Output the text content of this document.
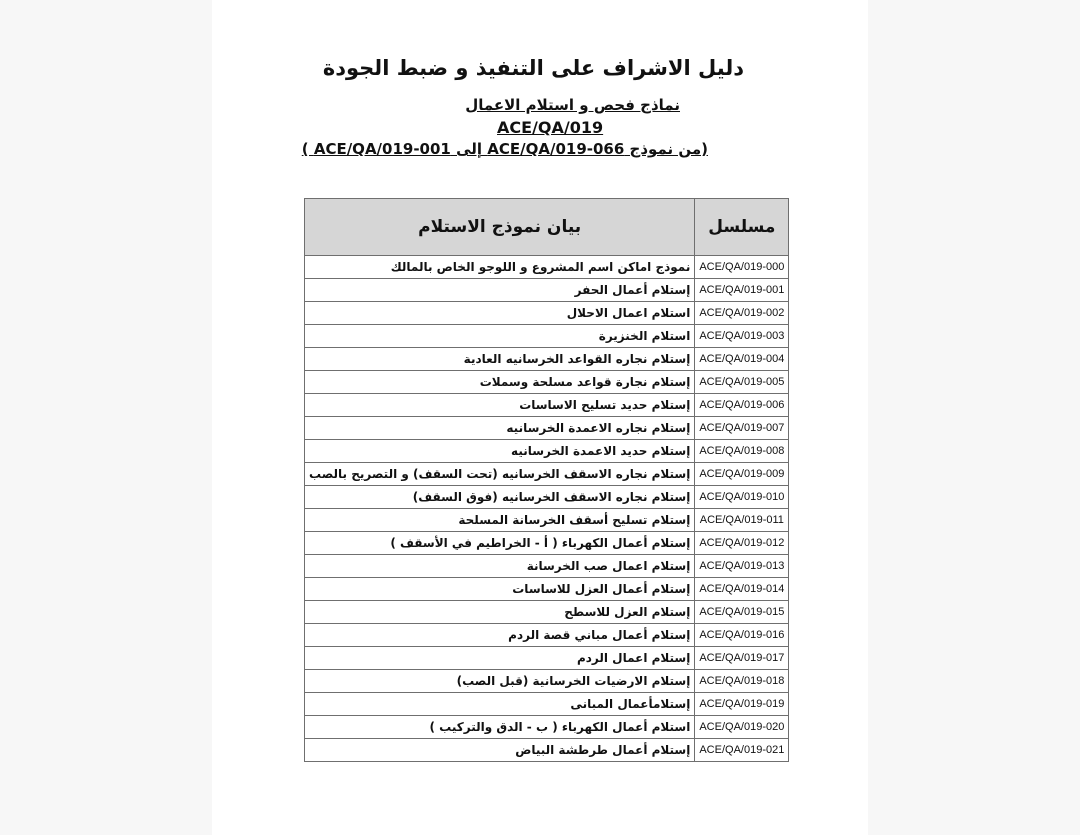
دليل الاشراف على التنفيذ و ضبط الجودة
نماذج فحص و استلام الاعمال
ACE/QA/019
(من نموذج ACE/QA/019-066 إلى ACE/QA/019-001 )
مسلسل	بيان نموذج الاستلام
ACE/QA/019-000	نموذج اماكن اسم المشروع و اللوجو الخاص بالمالك
ACE/QA/019-001	إستلام أعمال الحفر
ACE/QA/019-002	استلام اعمال الاحلال
ACE/QA/019-003	استلام الخنزيرة
ACE/QA/019-004	إستلام نجاره القواعد الخرسانيه العادية
ACE/QA/019-005	إستلام نجارة قواعد مسلحة وسملات
ACE/QA/019-006	إستلام حديد تسليح الاساسات
ACE/QA/019-007	إستلام نجاره الاعمدة الخرسانيه
ACE/QA/019-008	إستلام حديد الاعمدة الخرسانيه
ACE/QA/019-009	إستلام نجاره الاسقف الخرسانيه (تحت السقف) و التصريح بالصب
ACE/QA/019-010	إستلام نجاره الاسقف الخرسانيه (فوق السقف)
ACE/QA/019-011	إستلام تسليح أسقف الخرسانة المسلحة
ACE/QA/019-012	إستلام أعمال الكهرباء ( أ - الخراطيم في الأسقف )
ACE/QA/019-013	إستلام اعمال صب الخرسانة
ACE/QA/019-014	إستلام أعمال العزل للاساسات
ACE/QA/019-015	إستلام العزل للاسطح
ACE/QA/019-016	إستلام أعمال مباني قصة الردم
ACE/QA/019-017	إستلام اعمال الردم
ACE/QA/019-018	إستلام الارضيات الخرسانية (قبل الصب)
ACE/QA/019-019	إستلامأعمال المبانى
ACE/QA/019-020	استلام أعمال الكهرباء ( ب - الدق والتركيب )
ACE/QA/019-021	إستلام أعمال طرطشة البياض
